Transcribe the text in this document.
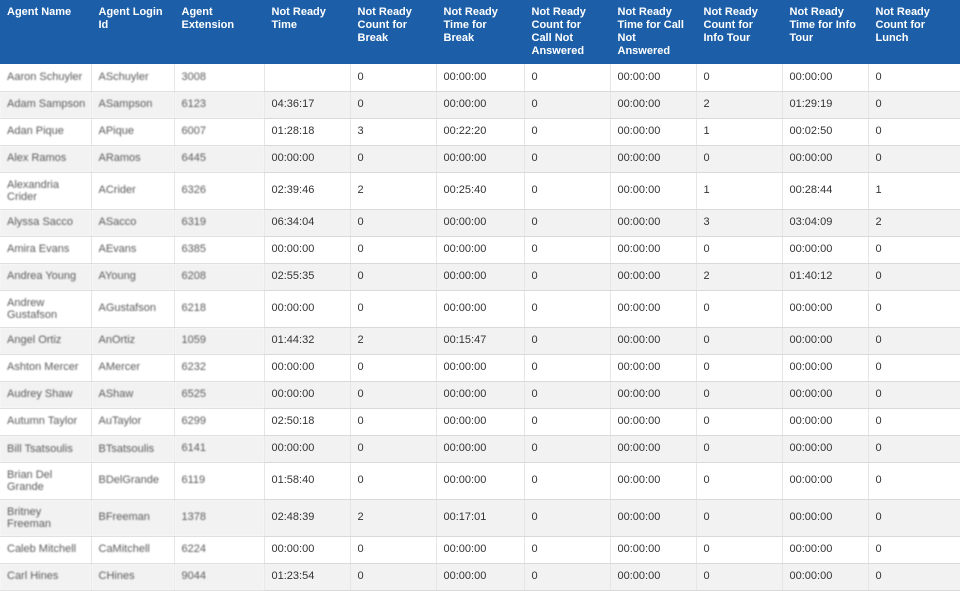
Agent Name	Agent Login Id	Agent Extension	Not Ready Time	Not Ready Count for Break	Not Ready Time for Break	Not Ready Count for Call Not Answered	Not Ready Time for Call Not Answered	Not Ready Count for Info Tour	Not Ready Time for Info Tour	Not Ready Count for Lunch
Aaron Schuyler	ASchuyler	3008		0	00:00:00	0	00:00:00	0	00:00:00	0
Adam Sampson	ASampson	6123	04:36:17	0	00:00:00	0	00:00:00	2	01:29:19	0
Adan Pique	APique	6007	01:28:18	3	00:22:20	0	00:00:00	1	00:02:50	0
Alex Ramos	ARamos	6445	00:00:00	0	00:00:00	0	00:00:00	0	00:00:00	0
Alexandria Crider	ACrider	6326	02:39:46	2	00:25:40	0	00:00:00	1	00:28:44	1
Alyssa Sacco	ASacco	6319	06:34:04	0	00:00:00	0	00:00:00	3	03:04:09	2
Amira Evans	AEvans	6385	00:00:00	0	00:00:00	0	00:00:00	0	00:00:00	0
Andrea Young	AYoung	6208	02:55:35	0	00:00:00	0	00:00:00	2	01:40:12	0
Andrew Gustafson	AGustafson	6218	00:00:00	0	00:00:00	0	00:00:00	0	00:00:00	0
Angel Ortiz	AnOrtiz	1059	01:44:32	2	00:15:47	0	00:00:00	0	00:00:00	0
Ashton Mercer	AMercer	6232	00:00:00	0	00:00:00	0	00:00:00	0	00:00:00	0
Audrey Shaw	AShaw	6525	00:00:00	0	00:00:00	0	00:00:00	0	00:00:00	0
Autumn Taylor	AuTaylor	6299	02:50:18	0	00:00:00	0	00:00:00	0	00:00:00	0
Bill Tsatsoulis	BTsatsoulis	6141	00:00:00	0	00:00:00	0	00:00:00	0	00:00:00	0
Brian Del Grande	BDelGrande	6119	01:58:40	0	00:00:00	0	00:00:00	0	00:00:00	0
Britney Freeman	BFreeman	1378	02:48:39	2	00:17:01	0	00:00:00	0	00:00:00	0
Caleb Mitchell	CaMitchell	6224	00:00:00	0	00:00:00	0	00:00:00	0	00:00:00	0
Carl Hines	CHines	9044	01:23:54	0	00:00:00	0	00:00:00	0	00:00:00	0
